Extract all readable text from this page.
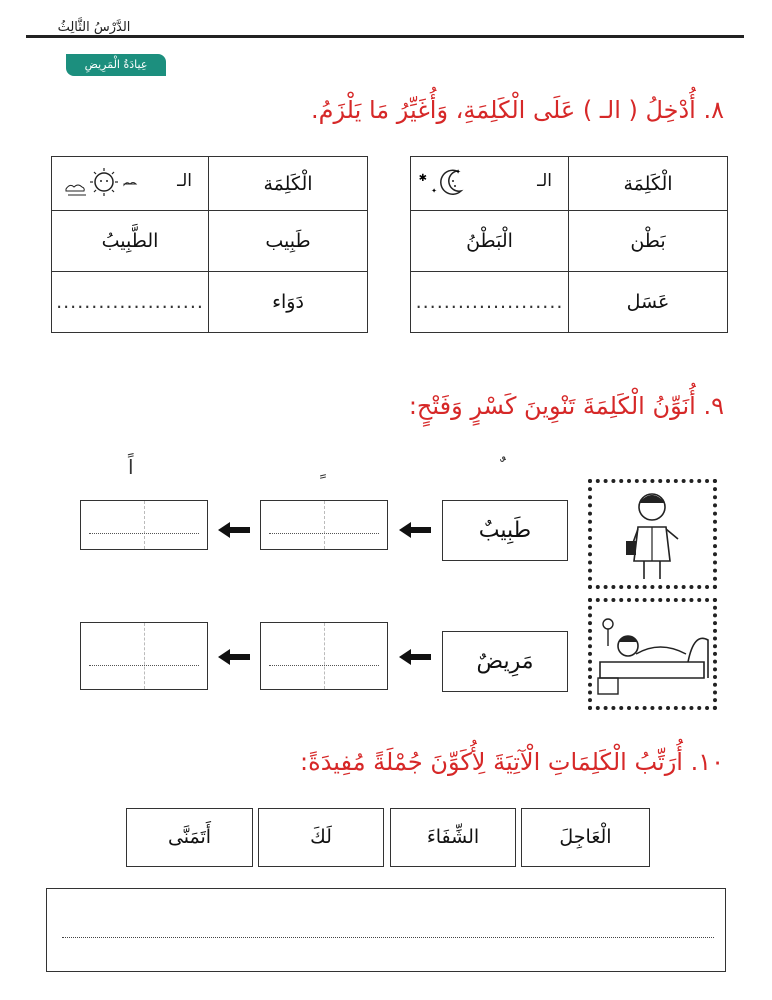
الدَّرْسُ الثَّالِثُ
عِيادَةُ الْمَرِيضِ
٨. أُدْخِلُ ( الـ ) عَلَى الْكَلِمَةِ، وَأُغَيِّرُ مَا يَلْزَمُ.
الْكَلِمَة	الـ
✱
✦
✦

بَطْن	الْبَطْنُ
عَسَل	.....................
الْكَلِمَة	الـ

طَبِيب	الطَّبِيبُ
دَوَاء	.....................
٩. أُنَوِّنُ الْكَلِمَةَ تَنْوِينَ كَسْرٍ وَفَتْحٍ:
اً
طَبِيبٌ
مَرِيضٌ
١٠. أُرَتِّبُ الْكَلِمَاتِ الْآتِيَةَ لِأُكَوِّنَ جُمْلَةً مُفِيدَةً:
الْعَاجِلَ
الشِّفَاءَ
لَكَ
أَتَمَنَّى
